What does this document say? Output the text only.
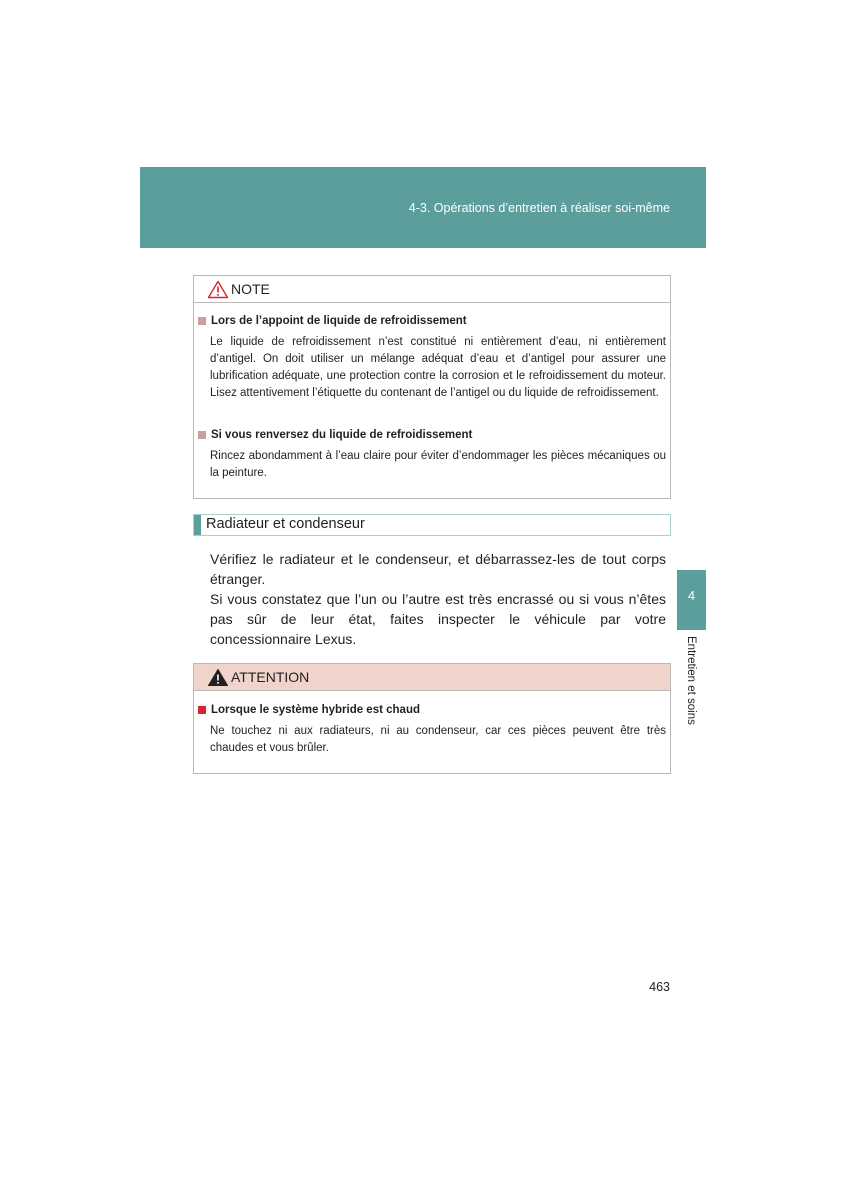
4-3. Opérations d’entretien à réaliser soi-même
4
Entretien et soins
NOTE
Lors de l’appoint de liquide de refroidissement
Le liquide de refroidissement n’est constitué ni entièrement d’eau, ni entièrement d’antigel. On doit utiliser un mélange adéquat d’eau et d’antigel pour assurer une lubrification adéquate, une protection contre la corrosion et le refroidissement du moteur. Lisez attentivement l’étiquette du contenant de l’antigel ou du liquide de refroidissement.
Si vous renversez du liquide de refroidissement
Rincez abondamment à l’eau claire pour éviter d’endommager les pièces mécaniques ou la peinture.
Radiateur et condenseur
Vérifiez le radiateur et le condenseur, et débarrassez-les de tout corps étranger.
Si vous constatez que l’un ou l’autre est très encrassé ou si vous n’êtes pas sûr de leur état, faites inspecter le véhicule par votre concessionnaire Lexus.
ATTENTION
Lorsque le système hybride est chaud
Ne touchez ni aux radiateurs, ni au condenseur, car ces pièces peuvent être très chaudes et vous brûler.
463
